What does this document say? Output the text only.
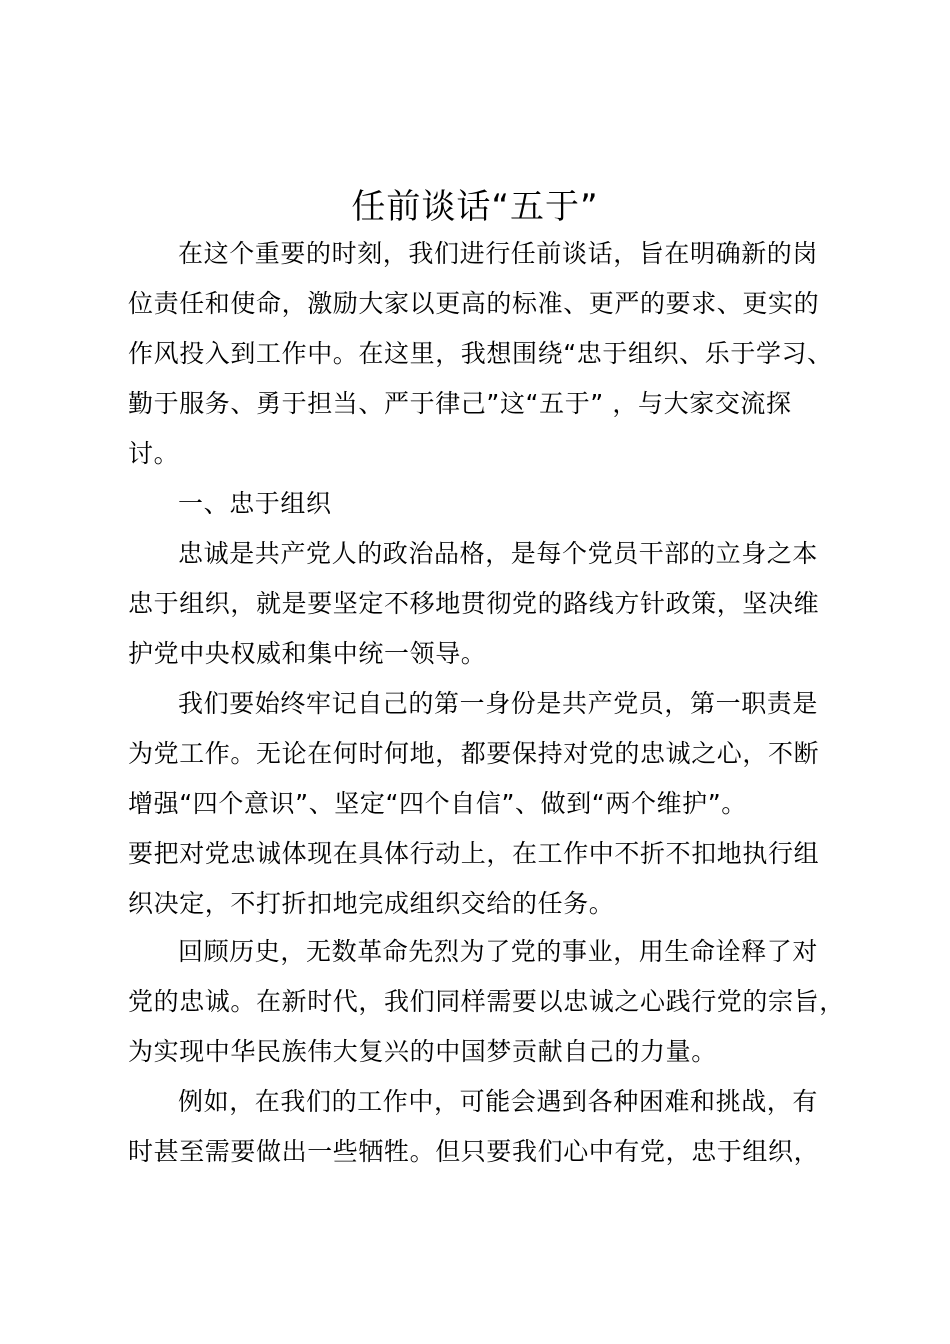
任前谈话“五于”
在这个重要的时刻，我们进行任前谈话，旨在明确新的岗
位责任和使命，激励大家以更高的标准、更严的要求、更实的
作风投入到工作中。在这里，我想围绕“忠于组织、乐于学习、
勤于服务、勇于担当、严于律己”这“五于” ，与大家交流探
讨。
一、忠于组织
忠诚是共产党人的政治品格，是每个党员干部的立身之本
忠于组织，就是要坚定不移地贯彻党的路线方针政策，坚决维
护党中央权威和集中统一领导。
我们要始终牢记自己的第一身份是共产党员，第一职责是
为党工作。无论在何时何地，都要保持对党的忠诚之心，不断
增强“四个意识”、坚定“四个自信”、做到“两个维护”。
要把对党忠诚体现在具体行动上，在工作中不折不扣地执行组
织决定，不打折扣地完成组织交给的任务。
回顾历史，无数革命先烈为了党的事业，用生命诠释了对
党的忠诚。在新时代，我们同样需要以忠诚之心践行党的宗旨，
为实现中华民族伟大复兴的中国梦贡献自己的力量。
例如，在我们的工作中，可能会遇到各种困难和挑战，有
时甚至需要做出一些牺牲。但只要我们心中有党，忠于组织，
